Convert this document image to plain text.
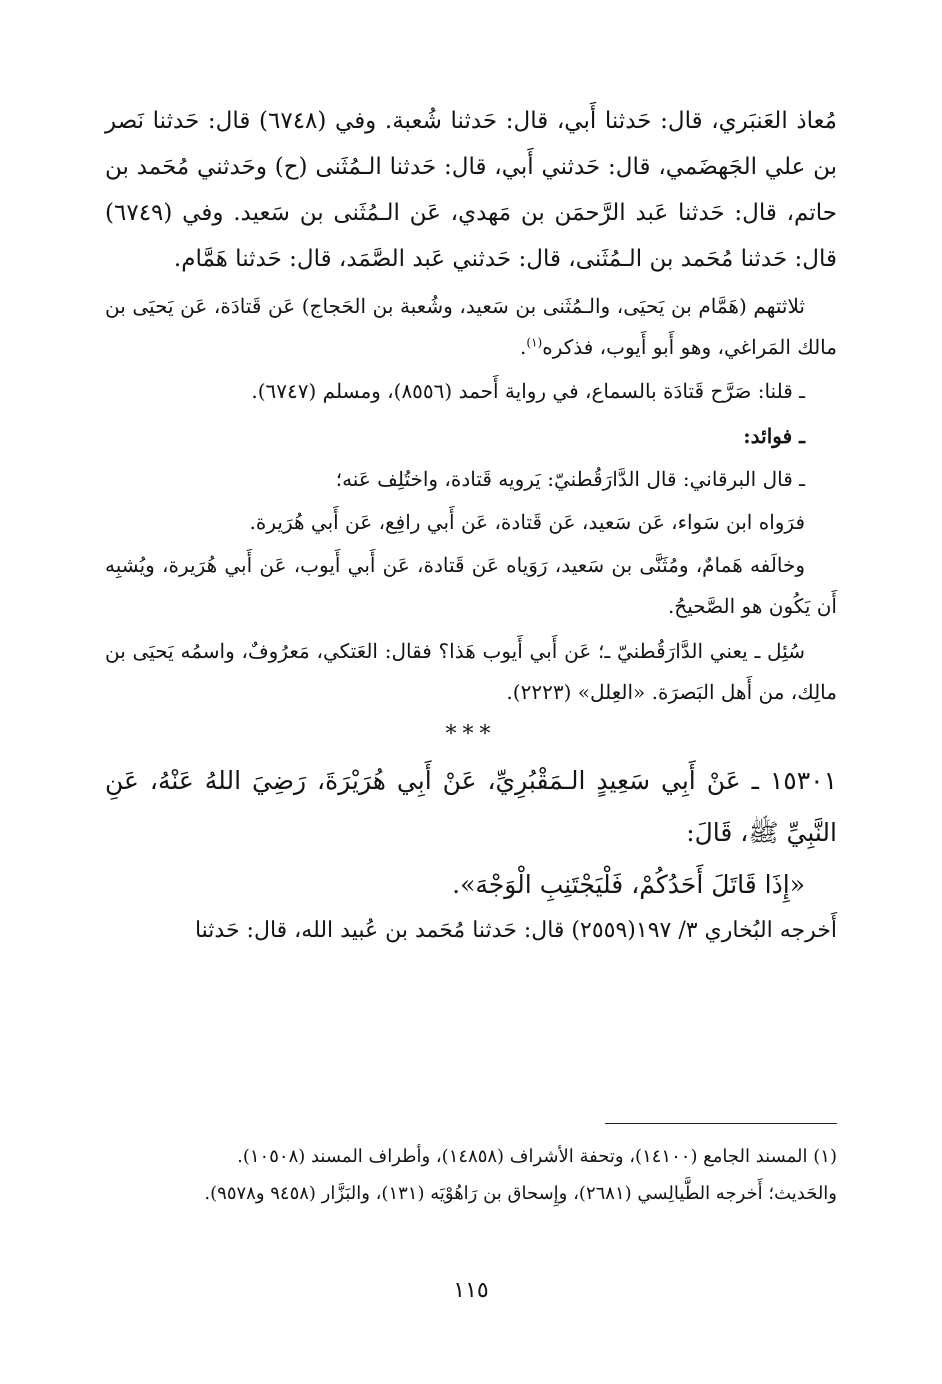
مُعاذ العَنبَري، قال: حَدثنا أَبي، قال: حَدثنا شُعبة. وفي (٦٧٤٨) قال: حَدثنا نَصر بن علي الجَهضَمي، قال: حَدثني أَبي، قال: حَدثنا الـمُثَنى (ح) وحَدثني مُحَمد بن حاتم، قال: حَدثنا عَبد الرَّحمَن بن مَهدي، عَن الـمُثَنى بن سَعيد. وفي (٦٧٤٩) قال: حَدثنا مُحَمد بن الـمُثَنى، قال: حَدثني عَبد الصَّمَد، قال: حَدثنا هَمَّام.

ثلاثتهم (هَمَّام بن يَحيَى، والـمُثَنى بن سَعيد، وشُعبة بن الحَجاج) عَن قَتادَة، عَن يَحيَى بن مالك المَراغي، وهو أَبو أَيوب، فذكره$^{(١)}$.

ـ قلنا: صَرَّح قَتادَة بالسماع، في رواية أَحمد (٨٥٥٦)، ومسلم (٦٧٤٧).

ـ فوائد:

ـ قال البرقاني: قال الدَّارَقُطنيّ: يَرويه قَتادة، واختُلِف عَنه؛

فرَواه ابن سَواء، عَن سَعيد، عَن قَتادة، عَن أَبي رافِع، عَن أَبي هُرَيرة.

وخالَفه هَمامٌ، ومُثَنَّى بن سَعيد، رَوَياه عَن قَتادة، عَن أَبي أَيوب، عَن أَبي هُرَيرة، ويُشبِه أَن يَكُون هو الصَّحيحُ.

سُئِل ـ يعني الدَّارَقُطنيّ ـ؛ عَن أَبي أَيوب هَذا؟ فقال: العَتكي، مَعرُوفٌ، واسمُه يَحيَى بن مالِك، من أَهل البَصرَة. «العِلل» (٢٢٢٣).

***

١٥٣٠١ ـ عَنْ أَبِي سَعِيدٍ الـمَقْبُرِيِّ، عَنْ أَبِي هُرَيْرَةَ، رَضِيَ اللهُ عَنْهُ، عَنِ النَّبِيِّ ﷺ، قَالَ:

«إِذَا قَاتَلَ أَحَدُكُمْ، فَلْيَجْتَنِبِ الْوَجْهَ».

أَخرجه البُخاري ٣/ ١٩٧(٢٥٥٩) قال: حَدثنا مُحَمد بن عُبيد الله، قال: حَدثنا

(١) المسند الجامع (١٤١٠٠)، وتحفة الأشراف (١٤٨٥٨)، وأطراف المسند (١٠٥٠٨).

والحَديث؛ أَخرجه الطَّيالِسي (٢٦٨١)، وإِسحاق بن رَاهُوْيَه (١٣١)، والبَزَّار (٩٤٥٨ و٩٥٧٨).

١١٥
